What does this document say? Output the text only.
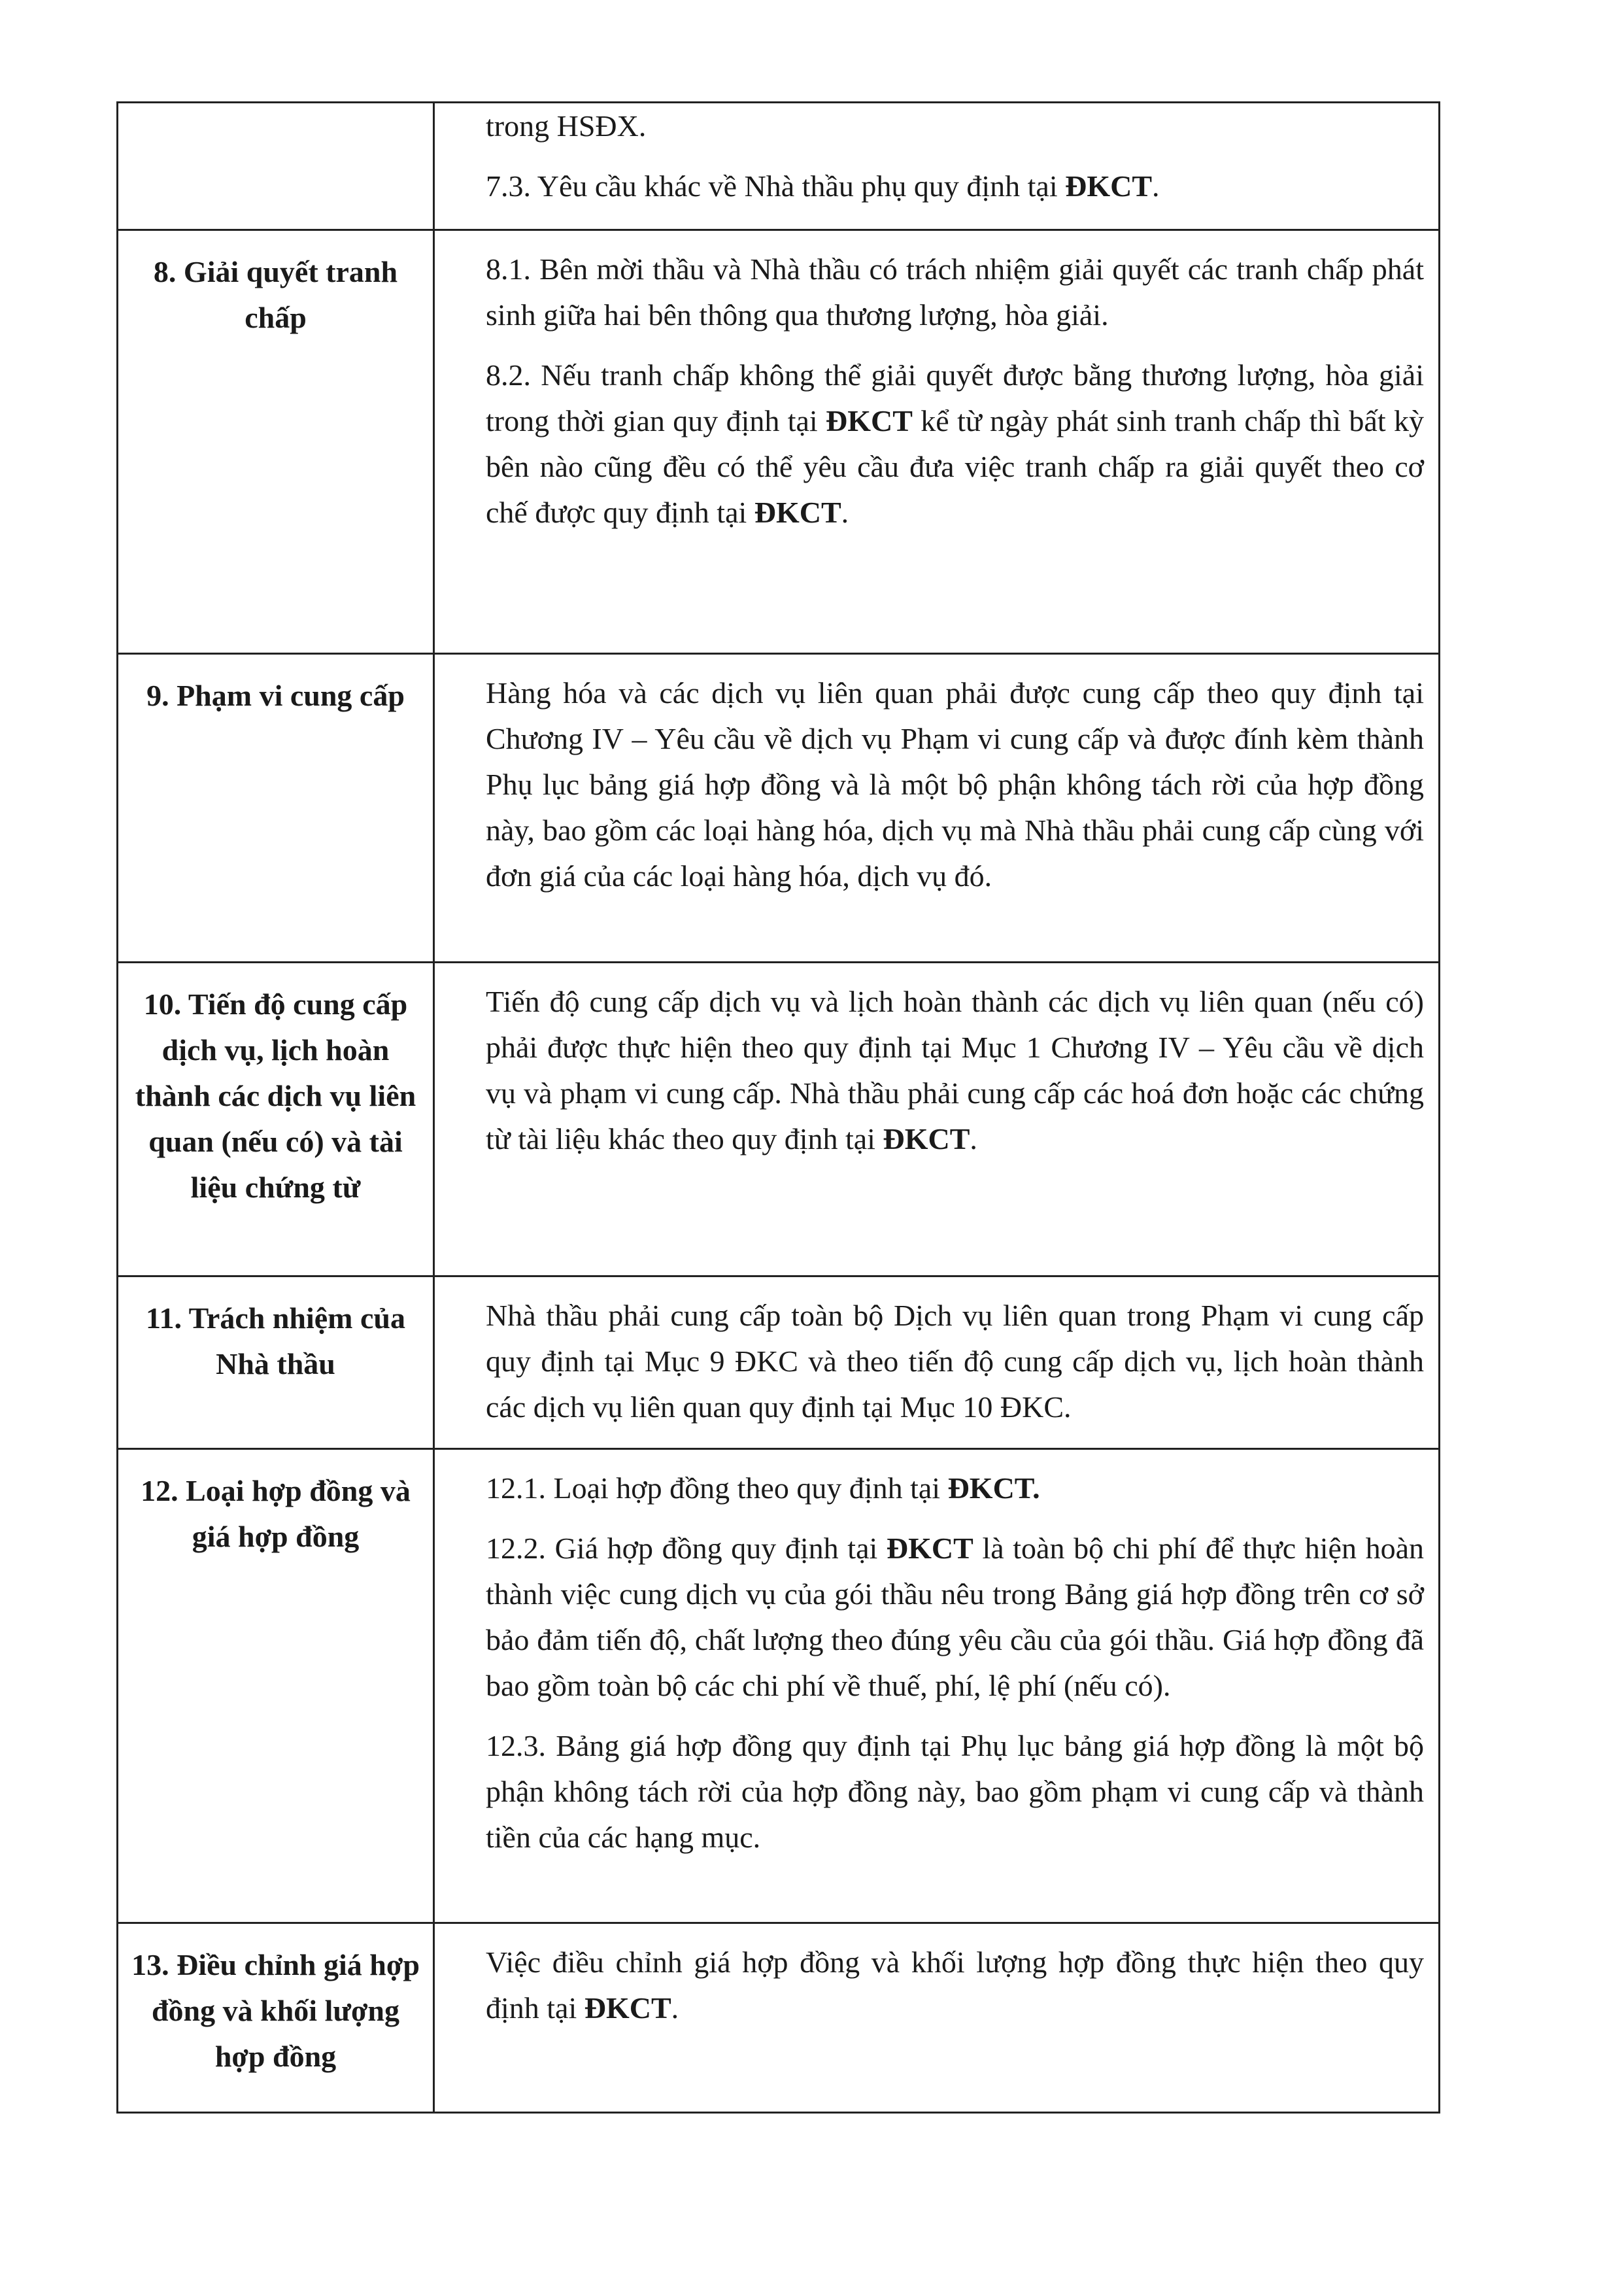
	trong HSĐX.

7.3. Yêu cầu khác về Nhà thầu phụ quy định tại ĐKCT.

8. Giải quyết tranh chấp	8.1. Bên mời thầu và Nhà thầu có trách nhiệm giải quyết các tranh chấp phát sinh giữa hai bên thông qua thương lượng, hòa giải.

8.2. Nếu tranh chấp không thể giải quyết được bằng thương lượng, hòa giải trong thời gian quy định tại ĐKCT kể từ ngày phát sinh tranh chấp thì bất kỳ bên nào cũng đều có thể yêu cầu đưa việc tranh chấp ra giải quyết theo cơ chế được quy định tại ĐKCT.

9. Phạm vi cung cấp	Hàng hóa và các dịch vụ liên quan phải được cung cấp theo quy định tại Chương IV – Yêu cầu về dịch vụ Phạm vi cung cấp và được đính kèm thành Phụ lục bảng giá hợp đồng và là một bộ phận không tách rời của hợp đồng này, bao gồm các loại hàng hóa, dịch vụ mà Nhà thầu phải cung cấp cùng với đơn giá của các loại hàng hóa, dịch vụ đó.

10. Tiến độ cung cấp dịch vụ, lịch hoàn thành các dịch vụ liên quan (nếu có) và tài liệu chứng từ	Tiến độ cung cấp dịch vụ và lịch hoàn thành các dịch vụ liên quan (nếu có) phải được thực hiện theo quy định tại Mục 1 Chương IV – Yêu cầu về dịch vụ và phạm vi cung cấp. Nhà thầu phải cung cấp các hoá đơn hoặc các chứng từ tài liệu khác theo quy định tại ĐKCT.

11. Trách nhiệm của Nhà thầu	Nhà thầu phải cung cấp toàn bộ Dịch vụ liên quan trong Phạm vi cung cấp quy định tại Mục 9 ĐKC và theo tiến độ cung cấp dịch vụ, lịch hoàn thành các dịch vụ liên quan quy định tại Mục 10 ĐKC.

12. Loại hợp đồng và giá hợp đồng	12.1. Loại hợp đồng theo quy định tại ĐKCT.

12.2. Giá hợp đồng quy định tại ĐKCT là toàn bộ chi phí để thực hiện hoàn thành việc cung dịch vụ của gói thầu nêu trong Bảng giá hợp đồng trên cơ sở bảo đảm tiến độ, chất lượng theo đúng yêu cầu của gói thầu. Giá hợp đồng đã bao gồm toàn bộ các chi phí về thuế, phí, lệ phí (nếu có).

12.3. Bảng giá hợp đồng quy định tại Phụ lục bảng giá hợp đồng là một bộ phận không tách rời của hợp đồng này, bao gồm phạm vi cung cấp và thành tiền của các hạng mục.

13. Điều chỉnh giá hợp đồng và khối lượng hợp đồng	Việc điều chỉnh giá hợp đồng và khối lượng hợp đồng thực hiện theo quy định tại ĐKCT.
